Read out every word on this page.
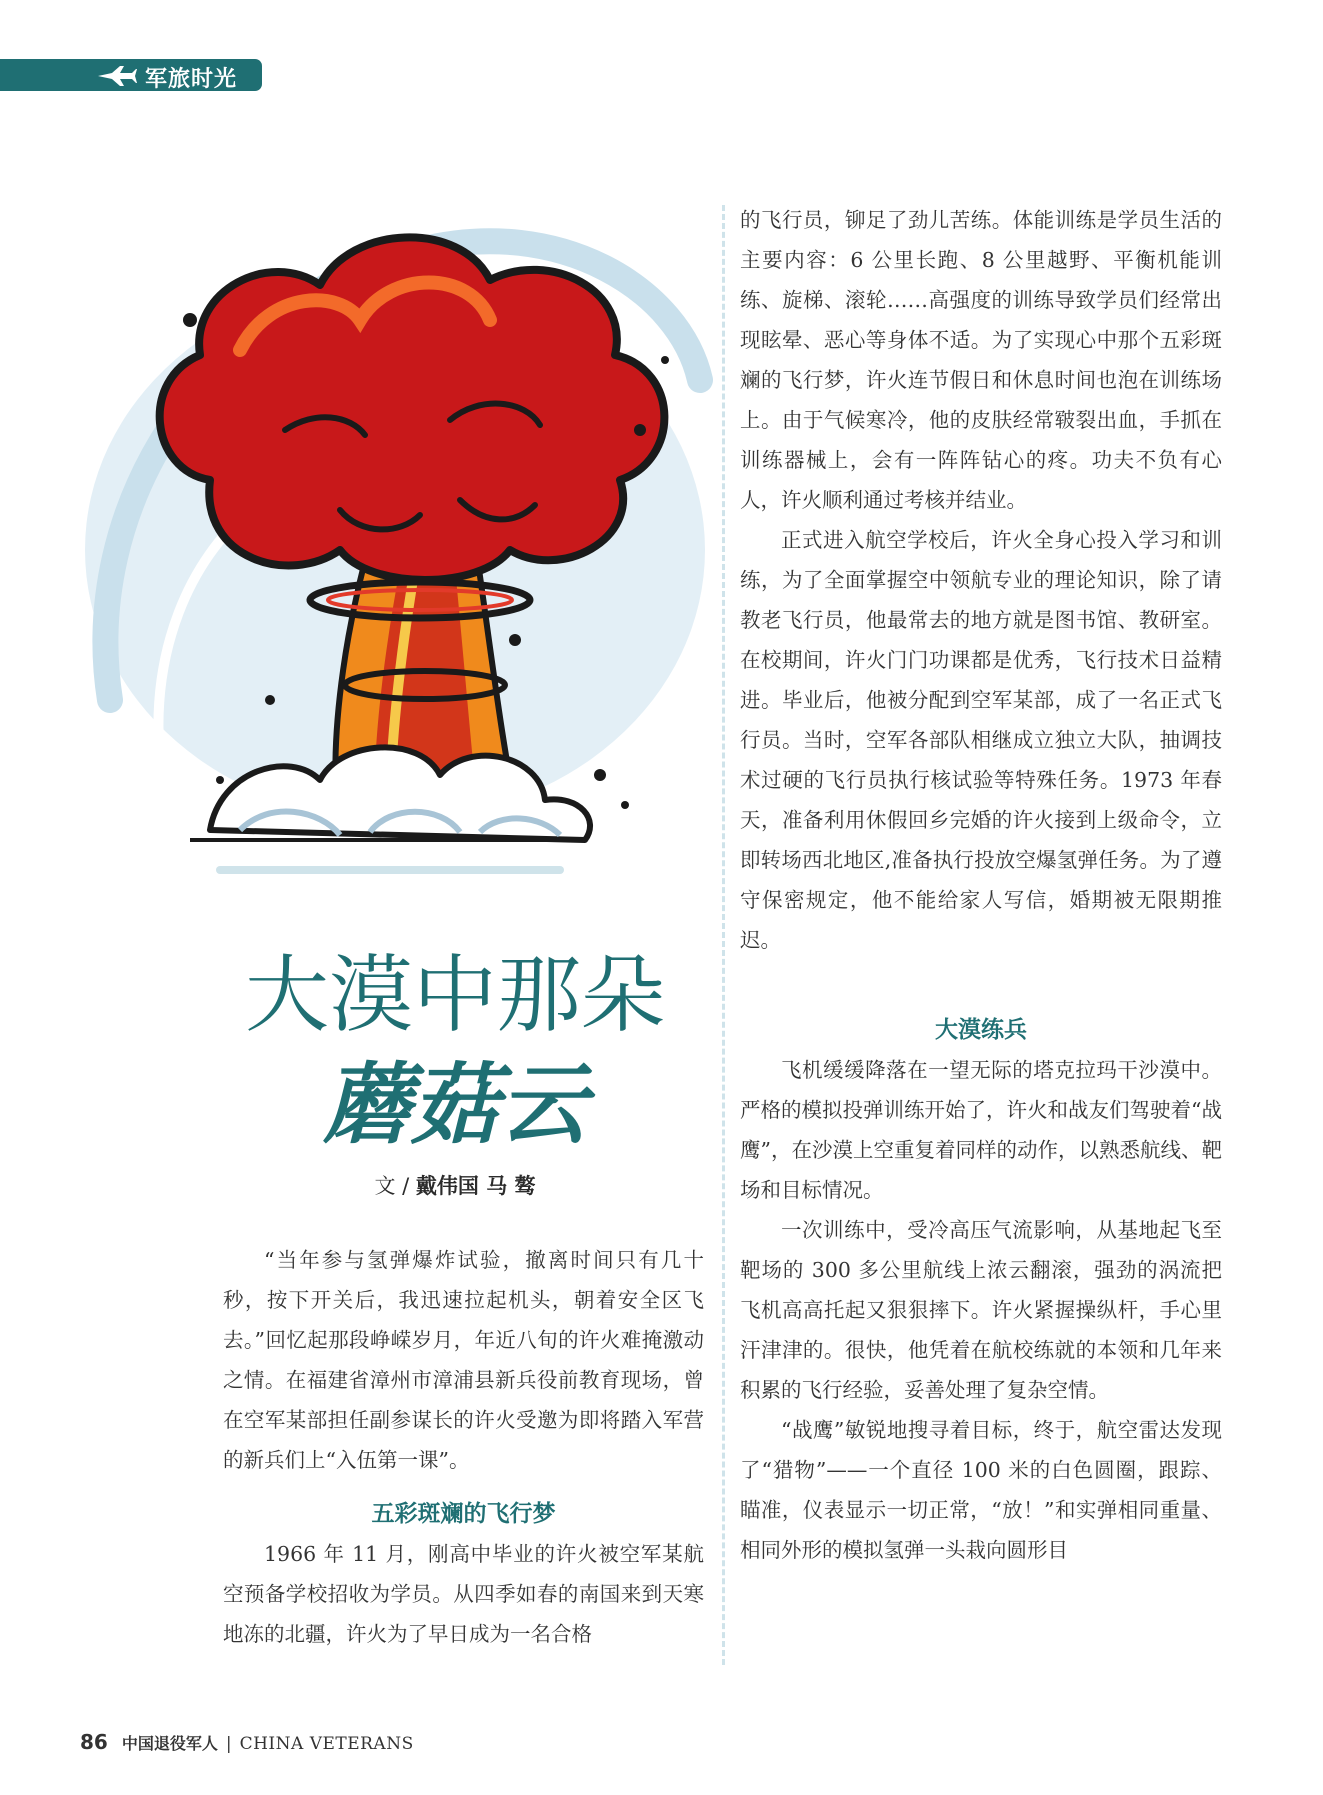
军旅时光
大漠中那朵
蘑菇云
文 / 戴伟国 马 骜

“当年参与氢弹爆炸试验，撤离时间只有几十秒，按下开关后，我迅速拉起机头，朝着安全区飞去。”回忆起那段峥嵘岁月，年近八旬的许火难掩激动之情。在福建省漳州市漳浦县新兵役前教育现场，曾在空军某部担任副参谋长的许火受邀为即将踏入军营的新兵们上“入伍第一课”。

五彩斑斓的飞行梦

1966 年 11 月，刚高中毕业的许火被空军某航空预备学校招收为学员。从四季如春的南国来到天寒地冻的北疆，许火为了早日成为一名合格

的飞行员，铆足了劲儿苦练。体能训练是学员生活的主要内容：6 公里长跑、8 公里越野、平衡机能训练、旋梯、滚轮……高强度的训练导致学员们经常出现眩晕、恶心等身体不适。为了实现心中那个五彩斑斓的飞行梦，许火连节假日和休息时间也泡在训练场上。由于气候寒冷，他的皮肤经常皲裂出血，手抓在训练器械上，会有一阵阵钻心的疼。功夫不负有心人，许火顺利通过考核并结业。

正式进入航空学校后，许火全身心投入学习和训练，为了全面掌握空中领航专业的理论知识，除了请教老飞行员，他最常去的地方就是图书馆、教研室。在校期间，许火门门功课都是优秀，飞行技术日益精进。毕业后，他被分配到空军某部，成了一名正式飞行员。当时，空军各部队相继成立独立大队，抽调技术过硬的飞行员执行核试验等特殊任务。1973 年春天，准备利用休假回乡完婚的许火接到上级命令，立即转场西北地区,准备执行投放空爆氢弹任务。为了遵守保密规定，他不能给家人写信，婚期被无限期推迟。

大漠练兵

飞机缓缓降落在一望无际的塔克拉玛干沙漠中。严格的模拟投弹训练开始了，许火和战友们驾驶着“战鹰”，在沙漠上空重复着同样的动作，以熟悉航线、靶场和目标情况。

一次训练中，受冷高压气流影响，从基地起飞至靶场的 300 多公里航线上浓云翻滚，强劲的涡流把飞机高高托起又狠狠摔下。许火紧握操纵杆，手心里汗津津的。很快，他凭着在航校练就的本领和几年来积累的飞行经验，妥善处理了复杂空情。

“战鹰”敏锐地搜寻着目标，终于，航空雷达发现了“猎物”——一个直径 100 米的白色圆圈，跟踪、瞄准，仪表显示一切正常，“放！”和实弹相同重量、相同外形的模拟氢弹一头栽向圆形目

86 中国退役军人 | CHINA VETERANS
